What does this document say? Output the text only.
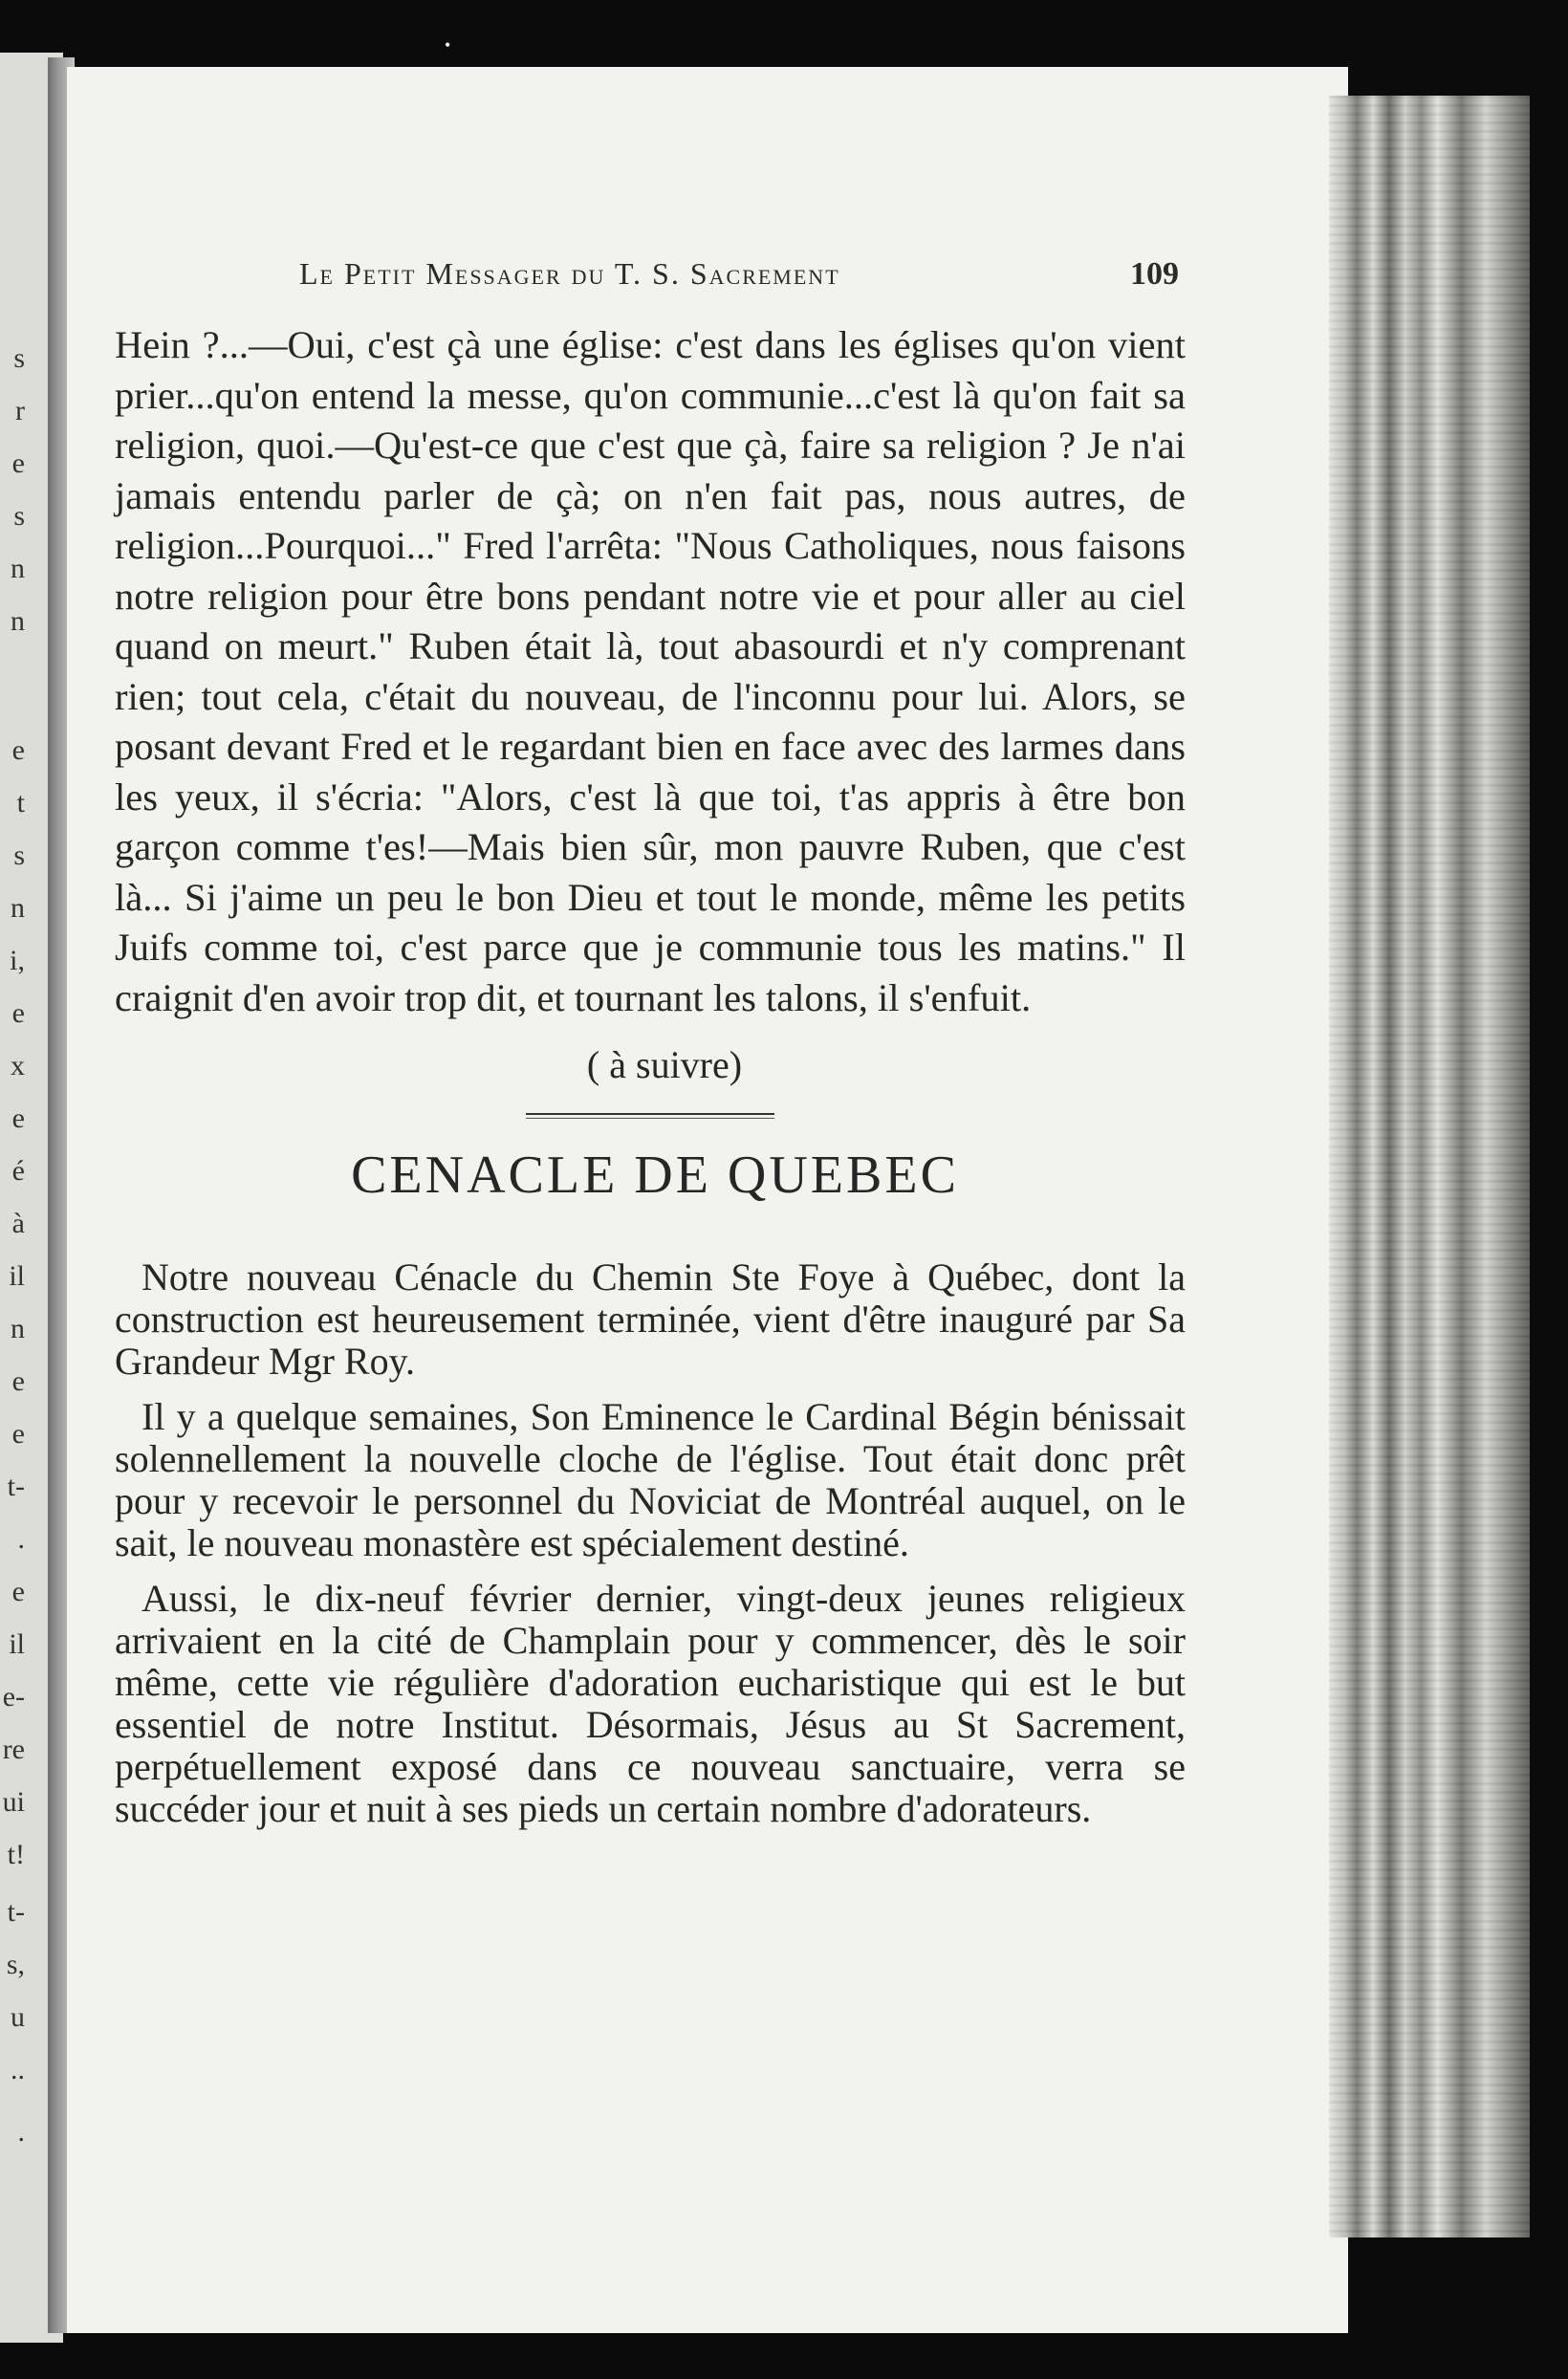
s
r
e
s
n
n
e
t
s
n
i,
e
x
e
é
à
il
n
e
e
t-
.
e
il
e-
re
ui
t!
t-
s,
u
..
.
•
Le Petit Messager du T. S. Sacrement	109

Hein ?...—Oui, c'est çà une église: c'est dans les églises qu'on vient prier...qu'on entend la messe, qu'on communie...c'est là qu'on fait sa religion, quoi.—Qu'est-ce que c'est que çà, faire sa religion ? Je n'ai jamais entendu parler de çà; on n'en fait pas, nous autres, de religion...Pourquoi..." Fred l'arrêta: "Nous Catholiques, nous faisons notre religion pour être bons pendant notre vie et pour aller au ciel quand on meurt." Ruben était là, tout abasourdi et n'y comprenant rien; tout cela, c'était du nouveau, de l'inconnu pour lui. Alors, se posant devant Fred et le regardant bien en face avec des larmes dans les yeux, il s'écria: "Alors, c'est là que toi, t'as appris à être bon garçon comme t'es!—Mais bien sûr, mon pauvre Ruben, que c'est là... Si j'aime un peu le bon Dieu et tout le monde, même les petits Juifs comme toi, c'est parce que je communie tous les matins." Il craignit d'en avoir trop dit, et tournant les talons, il s'enfuit.

( à suivre)
CENACLE DE QUEBEC

Notre nouveau Cénacle du Chemin Ste Foye à Québec, dont la construction est heureusement terminée, vient d'être inauguré par Sa Grandeur Mgr Roy.

Il y a quelque semaines, Son Eminence le Cardinal Bégin bénissait solennellement la nouvelle cloche de l'église. Tout était donc prêt pour y recevoir le personnel du Noviciat de Montréal auquel, on le sait, le nouveau monastère est spécialement destiné.

Aussi, le dix-neuf février dernier, vingt-deux jeunes religieux arrivaient en la cité de Champlain pour y commencer, dès le soir même, cette vie régulière d'adoration eucharistique qui est le but essentiel de notre Institut. Désormais, Jésus au St Sacrement, perpétuellement exposé dans ce nouveau sanctuaire, verra se succéder jour et nuit à ses pieds un certain nombre d'adorateurs.
